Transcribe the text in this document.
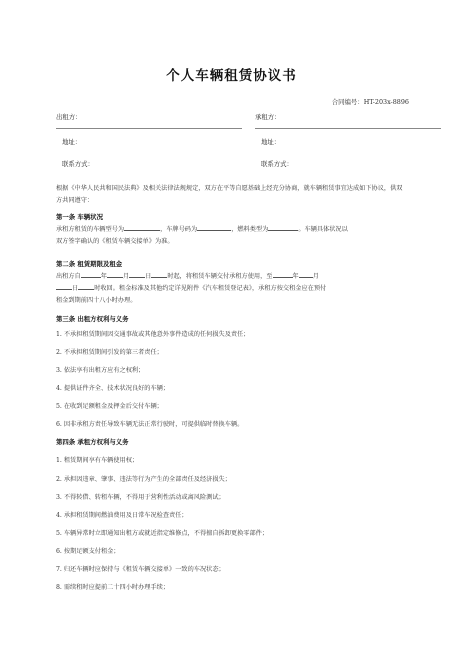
个人车辆租赁协议书
合同编号：HT-203x-8896
出租方：
地址：
联系方式：
承租方：
地址：
联系方式：
根据《中华人民共和国民法典》及相关法律法规规定，双方在平等自愿基础上经充分协商，就车辆租赁事宜达成如下协议，供双方共同遵守：
第一条 车辆状况
承租方租赁的车辆型号为	，车牌号码为	，燃料类型为	。车辆具体状况以
双方签字确认的《租赁车辆交接单》为准。
第二条 租赁期限及租金
出租方自	年	月	日	时起，将租赁车辆交付承租方使用，至	年 月
日	时收回。租金标准及其他约定详见附件《汽车租赁登记表》，承租方按交租金应在预付
租金到期前四十八小时办理。
第三条 出租方权利与义务
1. 不承担租赁期间因交通事故或其他意外事件造成的任何损失及责任；
2. 不承担租赁期间引发的第三者责任；
3. 依法享有出租方应有之权利；
4. 提供证件齐全、技术状况良好的车辆；
5. 在收到足额租金及押金后交付车辆；
6. 因非承租方责任导致车辆无法正常行驶时，可提供临时替换车辆。
第四条 承租方权利与义务
1. 租赁期间享有车辆使用权；
2. 承担因违章、肇事、违法等行为产生的全部责任及经济损失；
3. 不得转借、转租车辆，不得用于营利性活动或离风险测试；
4. 承担租赁期间燃油费用及日常车况检查责任；
5. 车辆异常时立即通知出租方或就近指定维修点，不得擅自拆卸更换零部件；
6. 按期足额支付租金；
7. 归还车辆时应保持与《租赁车辆交接单》一致的车况状态；
8. 需续租时应提前二十四小时办理手续；
